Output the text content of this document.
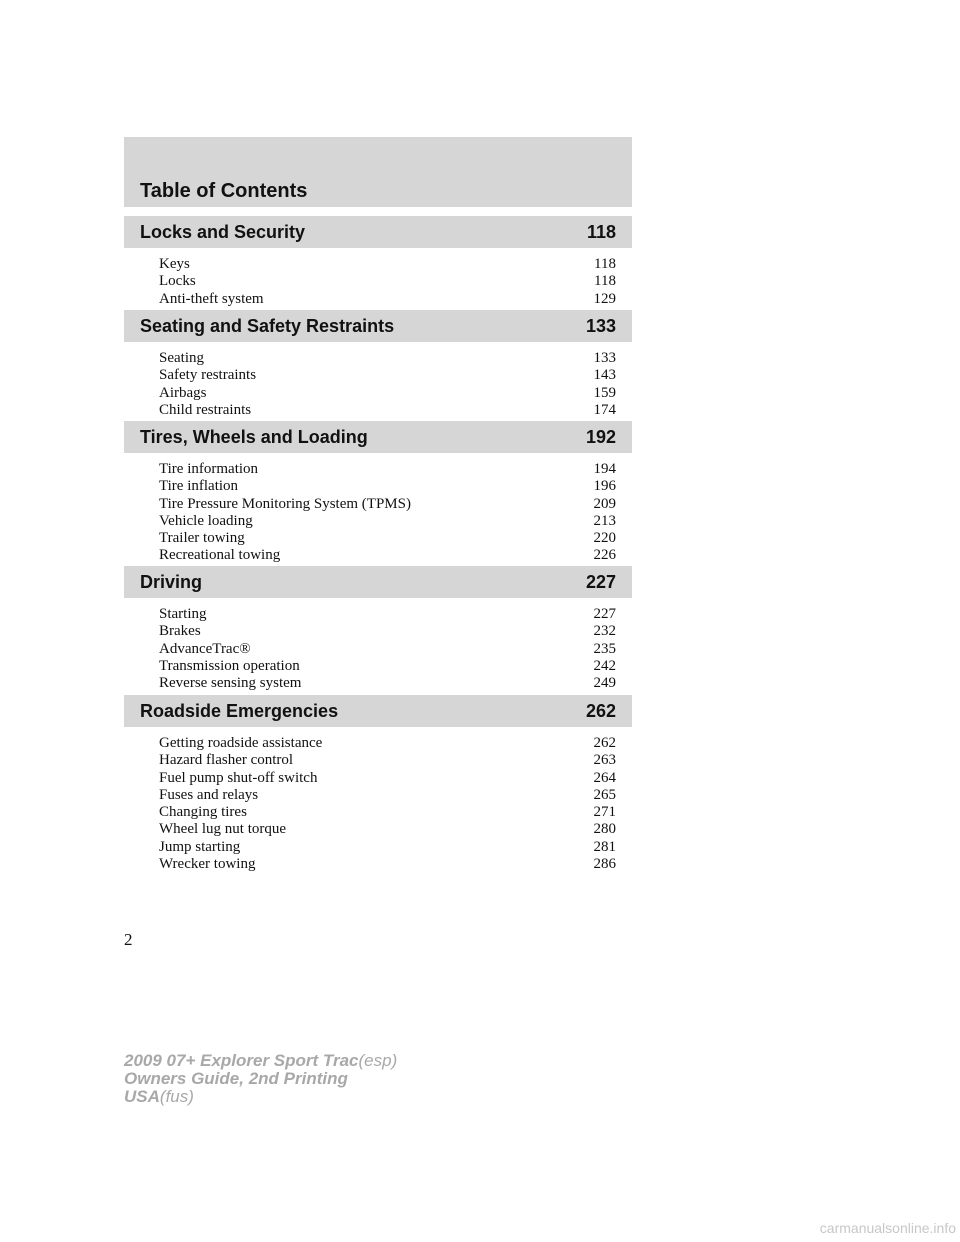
Table of Contents
Locks and Security	118
Keys	118
Locks	118
Anti-theft system	129
Seating and Safety Restraints	133
Seating	133
Safety restraints	143
Airbags	159
Child restraints	174
Tires, Wheels and Loading	192
Tire information	194
Tire inflation	196
Tire Pressure Monitoring System (TPMS)	209
Vehicle loading	213
Trailer towing	220
Recreational towing	226
Driving	227
Starting	227
Brakes	232
AdvanceTrac®	235
Transmission operation	242
Reverse sensing system	249
Roadside Emergencies	262
Getting roadside assistance	262
Hazard flasher control	263
Fuel pump shut-off switch	264
Fuses and relays	265
Changing tires	271
Wheel lug nut torque	280
Jump starting	281
Wrecker towing	286
2
2009 07+ Explorer Sport Trac(esp)
Owners Guide, 2nd Printing
USA(fus)
carmanualsonline.info
